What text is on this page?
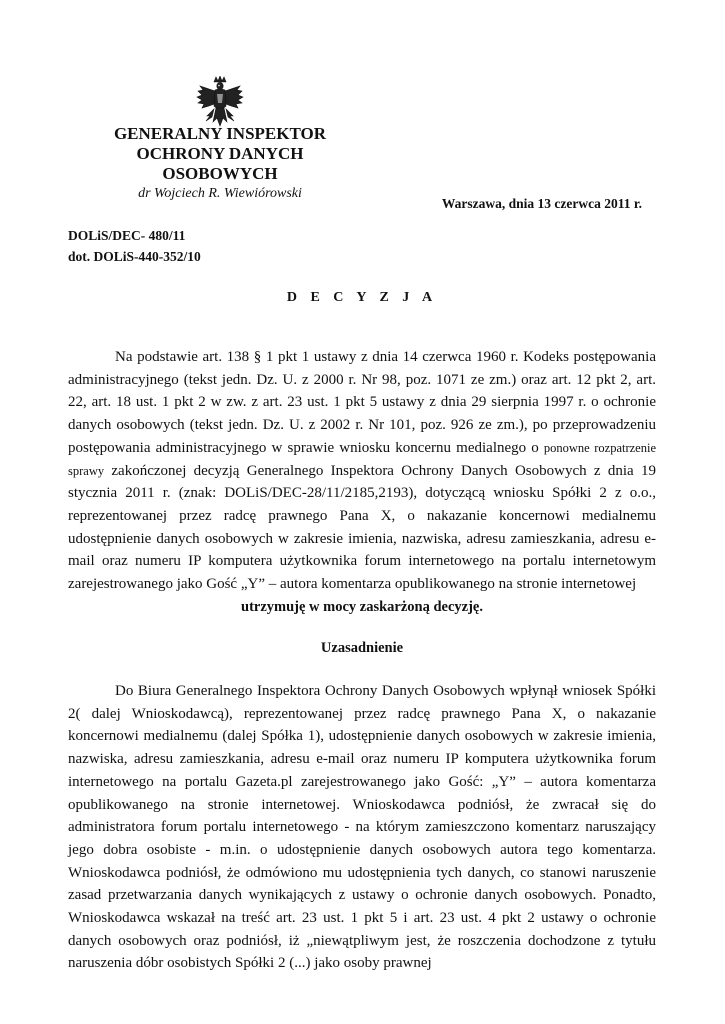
GENERALNY INSPEKTOR
OCHRONY DANYCH
OSOBOWYCH
dr Wojciech R. Wiewiórowski
Warszawa, dnia 13 czerwca 2011 r.
DOLiS/DEC- 480/11
dot. DOLiS-440-352/10
D E C Y Z J A

Na podstawie art. 138 § 1 pkt 1 ustawy z dnia 14 czerwca 1960 r. Kodeks postępowania administracyjnego (tekst jedn. Dz. U. z 2000 r. Nr 98, poz. 1071 ze zm.) oraz art. 12 pkt 2, art. 22, art. 18 ust. 1 pkt 2 w zw. z art. 23 ust. 1 pkt 5 ustawy z dnia 29 sierpnia 1997 r. o ochronie danych osobowych (tekst jedn. Dz. U. z 2002 r. Nr 101, poz. 926 ze zm.), po przeprowadzeniu postępowania administracyjnego w sprawie wniosku koncernu medialnego o ponowne rozpatrzenie sprawy zakończonej decyzją Generalnego Inspektora Ochrony Danych Osobowych z dnia 19 stycznia 2011 r. (znak: DOLiS/DEC-28/11/2185,2193), dotyczącą wniosku Spółki 2 z o.o., reprezentowanej przez radcę prawnego Pana X, o nakazanie koncernowi medialnemu udostępnienie danych osobowych w zakresie imienia, nazwiska, adresu zamieszkania, adresu e-mail oraz numeru IP komputera użytkownika forum internetowego na portalu internetowym zarejestrowanego jako Gość „Y” – autora komentarza opublikowanego na stronie internetowej

utrzymuję w mocy zaskarżoną decyzję.
Uzasadnienie

Do Biura Generalnego Inspektora Ochrony Danych Osobowych wpłynął wniosek Spółki 2( dalej Wnioskodawcą), reprezentowanej przez radcę prawnego Pana X, o nakazanie koncernowi medialnemu (dalej Spółka 1), udostępnienie danych osobowych w zakresie imienia, nazwiska, adresu zamieszkania, adresu e-mail oraz numeru IP komputera użytkownika forum internetowego na portalu Gazeta.pl zarejestrowanego jako Gość: „Y” – autora komentarza opublikowanego na stronie internetowej. Wnioskodawca podniósł, że zwracał się do administratora forum portalu internetowego - na którym zamieszczono komentarz naruszający jego dobra osobiste - m.in. o udostępnienie danych osobowych autora tego komentarza. Wnioskodawca podniósł, że odmówiono mu udostępnienia tych danych, co stanowi naruszenie zasad przetwarzania danych wynikających z ustawy o ochronie danych osobowych. Ponadto, Wnioskodawca wskazał na treść art. 23 ust. 1 pkt 5 i art. 23 ust. 4 pkt 2 ustawy o ochronie danych osobowych oraz podniósł, iż „niewątpliwym jest, że roszczenia dochodzone z tytułu naruszenia dóbr osobistych Spółki 2 (...) jako osoby prawnej
